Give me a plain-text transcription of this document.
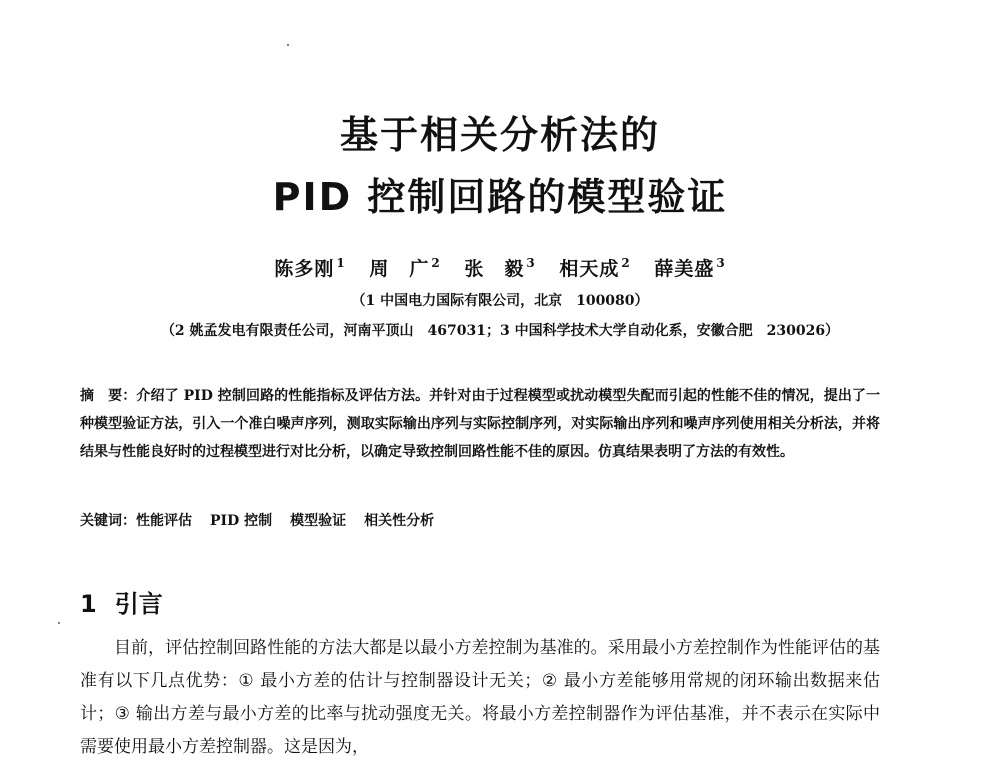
基于相关分析法的
PID 控制回路的模型验证
陈多刚 $^1$ 周　广 $^2$ 张　毅 $^3$ 相天成 $^2$ 薛美盛 $^3$
（1 中国电力国际有限公司，北京　100080）
（2 姚孟发电有限责任公司，河南平顶山　467031；3 中国科学技术大学自动化系，安徽合肥　230026）
摘　要：介绍了 PID 控制回路的性能指标及评估方法。并针对由于过程模型或扰动模型失配而引起的性能不佳的情况，提出了一种模型验证方法，引入一个准白噪声序列，测取实际输出序列与实际控制序列，对实际输出序列和噪声序列使用相关分析法，并将结果与性能良好时的过程模型进行对比分析，以确定导致控制回路性能不佳的原因。仿真结果表明了方法的有效性。
关键词：性能评估 PID 控制 模型验证 相关性分析
1 引言
目前，评估控制回路性能的方法大都是以最小方差控制为基准的。采用最小方差控制作为性能评估的基准有以下几点优势：① 最小方差的估计与控制器设计无关；② 最小方差能够用常规的闭环输出数据来估计；③ 输出方差与最小方差的比率与扰动强度无关。将最小方差控制器作为评估基准，并不表示在实际中需要使用最小方差控制器。这是因为，
